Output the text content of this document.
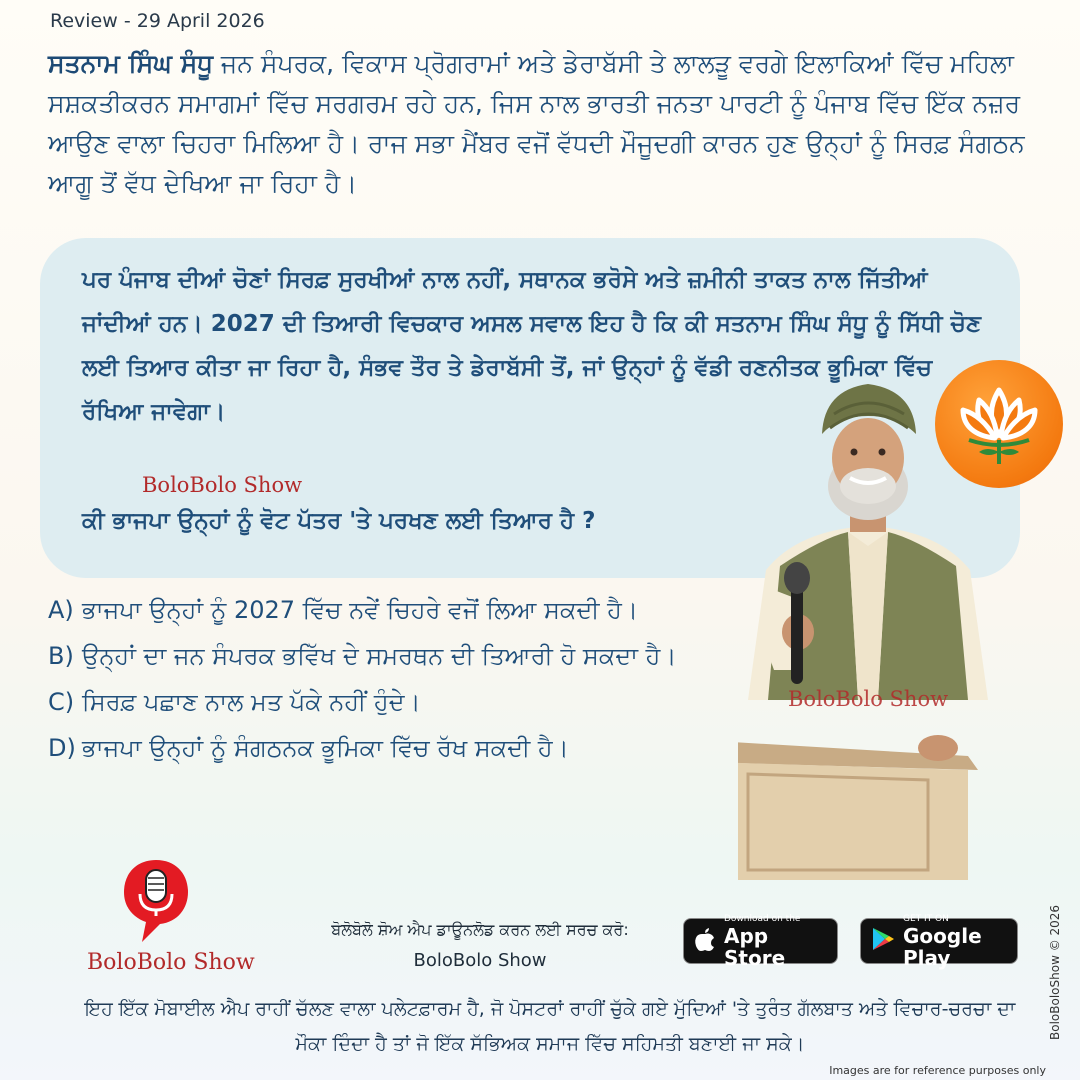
Review - 29 April 2026
ਸਤਨਾਮ ਸਿੰਘ ਸੰਧੂ ਜਨ ਸੰਪਰਕ, ਵਿਕਾਸ ਪ੍ਰੋਗਰਾਮਾਂ ਅਤੇ ਡੇਰਾਬੱਸੀ ਤੇ ਲਾਲੜੂ ਵਰਗੇ ਇਲਾਕਿਆਂ ਵਿੱਚ ਮਹਿਲਾ ਸਸ਼ਕਤੀਕਰਨ ਸਮਾਗਮਾਂ ਵਿੱਚ ਸਰਗਰਮ ਰਹੇ ਹਨ, ਜਿਸ ਨਾਲ ਭਾਰਤੀ ਜਨਤਾ ਪਾਰਟੀ ਨੂੰ ਪੰਜਾਬ ਵਿੱਚ ਇੱਕ ਨਜ਼ਰ ਆਉਣ ਵਾਲਾ ਚਿਹਰਾ ਮਿਲਿਆ ਹੈ। ਰਾਜ ਸਭਾ ਮੈਂਬਰ ਵਜੋਂ ਵੱਧਦੀ ਮੌਜੂਦਗੀ ਕਾਰਨ ਹੁਣ ਉਨ੍ਹਾਂ ਨੂੰ ਸਿਰਫ਼ ਸੰਗਠਨ ਆਗੂ ਤੋਂ ਵੱਧ ਦੇਖਿਆ ਜਾ ਰਿਹਾ ਹੈ।
ਪਰ ਪੰਜਾਬ ਦੀਆਂ ਚੋਣਾਂ ਸਿਰਫ਼ ਸੁਰਖੀਆਂ ਨਾਲ ਨਹੀਂ, ਸਥਾਨਕ ਭਰੋਸੇ ਅਤੇ ਜ਼ਮੀਨੀ ਤਾਕਤ ਨਾਲ ਜਿੱਤੀਆਂ ਜਾਂਦੀਆਂ ਹਨ। 2027 ਦੀ ਤਿਆਰੀ ਵਿਚਕਾਰ ਅਸਲ ਸਵਾਲ ਇਹ ਹੈ ਕਿ ਕੀ ਸਤਨਾਮ ਸਿੰਘ ਸੰਧੂ ਨੂੰ ਸਿੱਧੀ ਚੋਣ ਲਈ ਤਿਆਰ ਕੀਤਾ ਜਾ ਰਿਹਾ ਹੈ, ਸੰਭਵ ਤੌਰ ਤੇ ਡੇਰਾਬੱਸੀ ਤੋਂ, ਜਾਂ ਉਨ੍ਹਾਂ ਨੂੰ ਵੱਡੀ ਰਣਨੀਤਕ ਭੂਮਿਕਾ ਵਿੱਚ ਰੱਖਿਆ ਜਾਵੇਗਾ।
BoloBolo Show
ਕੀ ਭਾਜਪਾ ਉਨ੍ਹਾਂ ਨੂੰ ਵੋਟ ਪੱਤਰ 'ਤੇ ਪਰਖਣ ਲਈ ਤਿਆਰ ਹੈ ?
BoloBolo Show
A) ਭਾਜਪਾ ਉਨ੍ਹਾਂ ਨੂੰ 2027 ਵਿੱਚ ਨਵੇਂ ਚਿਹਰੇ ਵਜੋਂ ਲਿਆ ਸਕਦੀ ਹੈ।
B) ਉਨ੍ਹਾਂ ਦਾ ਜਨ ਸੰਪਰਕ ਭਵਿੱਖ ਦੇ ਸਮਰਥਨ ਦੀ ਤਿਆਰੀ ਹੋ ਸਕਦਾ ਹੈ।
C) ਸਿਰਫ਼ ਪਛਾਣ ਨਾਲ ਮਤ ਪੱਕੇ ਨਹੀਂ ਹੁੰਦੇ।
D) ਭਾਜਪਾ ਉਨ੍ਹਾਂ ਨੂੰ ਸੰਗਠਨਕ ਭੂਮਿਕਾ ਵਿੱਚ ਰੱਖ ਸਕਦੀ ਹੈ।
BoloBolo Show
ਬੋਲੋਬੋਲੋ ਸ਼ੋਅ ਐਪ ਡਾਊਨਲੋਡ ਕਰਨ ਲਈ ਸਰਚ ਕਰੋ:
BoloBolo Show
Download on the
App Store
GET IT ON
Google Play
ਇਹ ਇੱਕ ਮੋਬਾਈਲ ਐਪ ਰਾਹੀਂ ਚੱਲਣ ਵਾਲਾ ਪਲੇਟਫ਼ਾਰਮ ਹੈ, ਜੋ ਪੋਸਟਰਾਂ ਰਾਹੀਂ ਚੁੱਕੇ ਗਏ ਮੁੱਦਿਆਂ 'ਤੇ ਤੁਰੰਤ ਗੱਲਬਾਤ ਅਤੇ ਵਿਚਾਰ-ਚਰਚਾ ਦਾ ਮੌਕਾ ਦਿੰਦਾ ਹੈ ਤਾਂ ਜੋ ਇੱਕ ਸੱਭਿਅਕ ਸਮਾਜ ਵਿੱਚ ਸਹਿਮਤੀ ਬਣਾਈ ਜਾ ਸਕੇ।
BoloBoloShow © 2026
Images are for reference purposes only
